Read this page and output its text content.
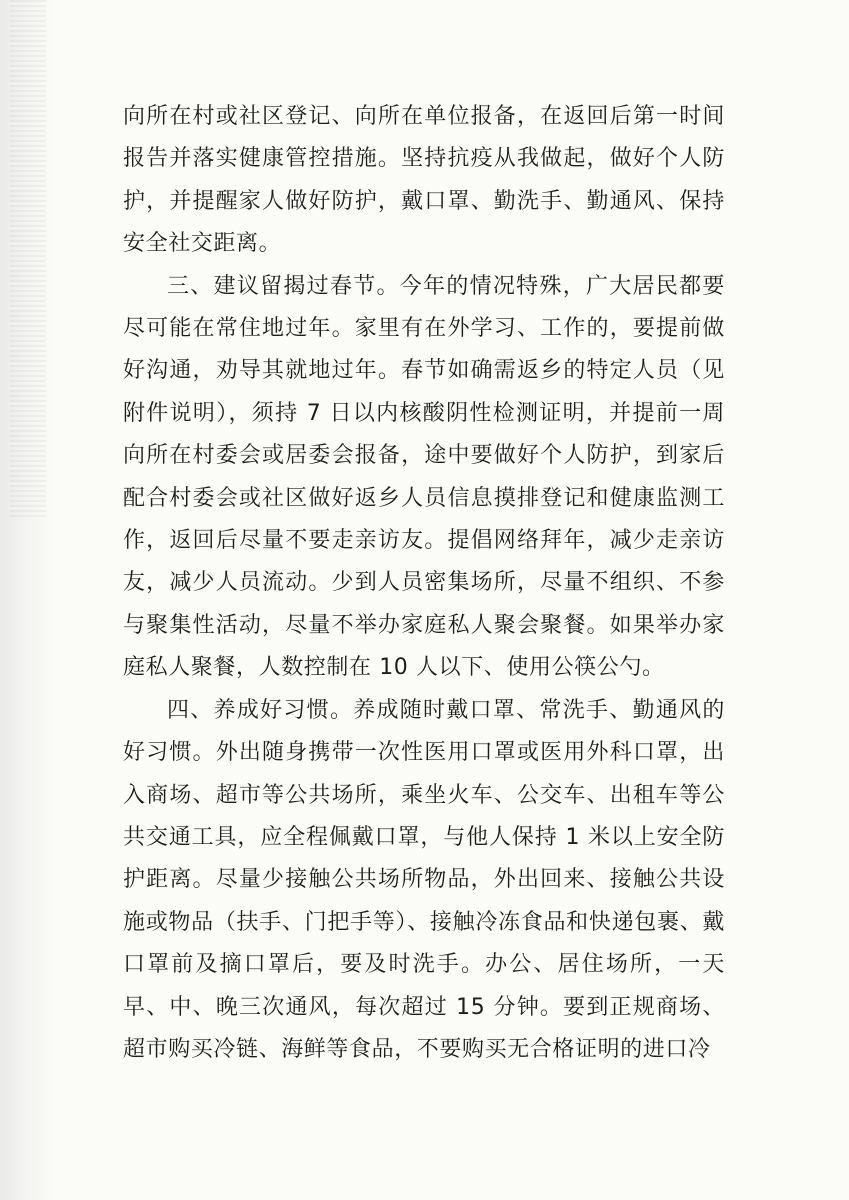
向所在村或社区登记、向所在单位报备，在返回后第一时间报告并落实健康管控措施。坚持抗疫从我做起，做好个人防护，并提醒家人做好防护，戴口罩、勤洗手、勤通风、保持安全社交距离。

三、建议留揭过春节。今年的情况特殊，广大居民都要尽可能在常住地过年。家里有在外学习、工作的，要提前做好沟通，劝导其就地过年。春节如确需返乡的特定人员（见附件说明），须持 7 日以内核酸阴性检测证明，并提前一周向所在村委会或居委会报备，途中要做好个人防护，到家后配合村委会或社区做好返乡人员信息摸排登记和健康监测工作，返回后尽量不要走亲访友。提倡网络拜年，减少走亲访友，减少人员流动。少到人员密集场所，尽量不组织、不参与聚集性活动，尽量不举办家庭私人聚会聚餐。如果举办家庭私人聚餐，人数控制在 10 人以下、使用公筷公勺。

四、养成好习惯。养成随时戴口罩、常洗手、勤通风的好习惯。外出随身携带一次性医用口罩或医用外科口罩，出入商场、超市等公共场所，乘坐火车、公交车、出租车等公共交通工具，应全程佩戴口罩，与他人保持 1 米以上安全防护距离。尽量少接触公共场所物品，外出回来、接触公共设施或物品（扶手、门把手等）、接触冷冻食品和快递包裹、戴口罩前及摘口罩后，要及时洗手。办公、居住场所，一天早、中、晚三次通风，每次超过 15 分钟。要到正规商场、超市购买冷链、海鲜等食品，不要购买无合格证明的进口冷
